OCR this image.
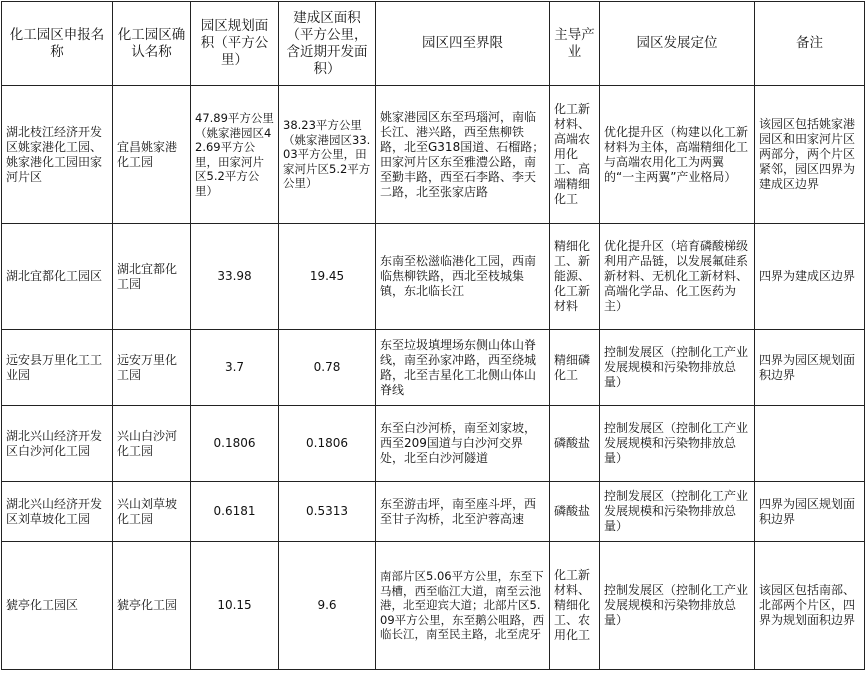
化工园区申报名称	化工园区确认名称	园区规划面积（平方公里）	建成区面积（平方公里，含近期开发面积）	园区四至界限	主导产业	园区发展定位	备注
湖北枝江经济开发区姚家港化工园、姚家港化工园田家河片区	宜昌姚家港化工园	47.89平方公里（姚家港园区42.69平方公里，田家河片区5.2平方公里）	38.23平方公里（姚家港园区33.03平方公里，田家河片区5.2平方公里）	姚家港园区东至玛瑙河，南临长江、港兴路，西至焦柳铁路，北至G318国道、石榴路；田家河片区东至雅澧公路，南至勤丰路，西至石李路、李天二路，北至张家店路	化工新材料、高端农用化工、高端精细化工	优化提升区（构建以化工新材料为主体，高端精细化工与高端农用化工为两翼的“一主两翼”产业格局）	该园区包括姚家港园区和田家河片区两部分，两个片区紧邻，园区四界为建成区边界
湖北宜都化工园区	湖北宜都化工园	33.98	19.45	东南至松滋临港化工园，西南临焦柳铁路，西北至枝城集镇，东北临长江	精细化工、新能源、化工新材料	优化提升区（培育磷酸梯级利用产品链，以发展氟硅系新材料、无机化工新材料、高端化学品、化工医药为主）	四界为建成区边界
远安县万里化工工业园	远安万里化工园	3.7	0.78	东至垃圾填埋场东侧山体山脊线，南至孙家冲路，西至绕城路，北至吉星化工北侧山体山脊线	精细磷化工	控制发展区（控制化工产业发展规模和污染物排放总量）	四界为园区规划面积边界
湖北兴山经济开发区白沙河化工园	兴山白沙河化工园	0.1806	0.1806	东至白沙河桥，南至刘家坡，西至209国道与白沙河交界处，北至白沙河隧道	磷酸盐	控制发展区（控制化工产业发展规模和污染物排放总量）	
湖北兴山经济开发区刘草坡化工园	兴山刘草坡化工园	0.6181	0.5313	东至游击坪，南至座斗坪，西至甘子沟桥，北至沪蓉高速	磷酸盐	控制发展区（控制化工产业发展规模和污染物排放总量）	四界为园区规划面积边界
猇亭化工园区	猇亭化工园	10.15	9.6	南部片区5.06平方公里，东至下马槽，西至临江大道，南至云池港，北至迎宾大道；北部片区5.09平方公里，东至鹅公咀路，西临长江，南至民主路，北至虎牙	化工新材料、精细化工、农用化工	控制发展区（控制化工产业发展规模和污染物排放总量）	该园区包括南部、北部两个片区，四界为规划面积边界
